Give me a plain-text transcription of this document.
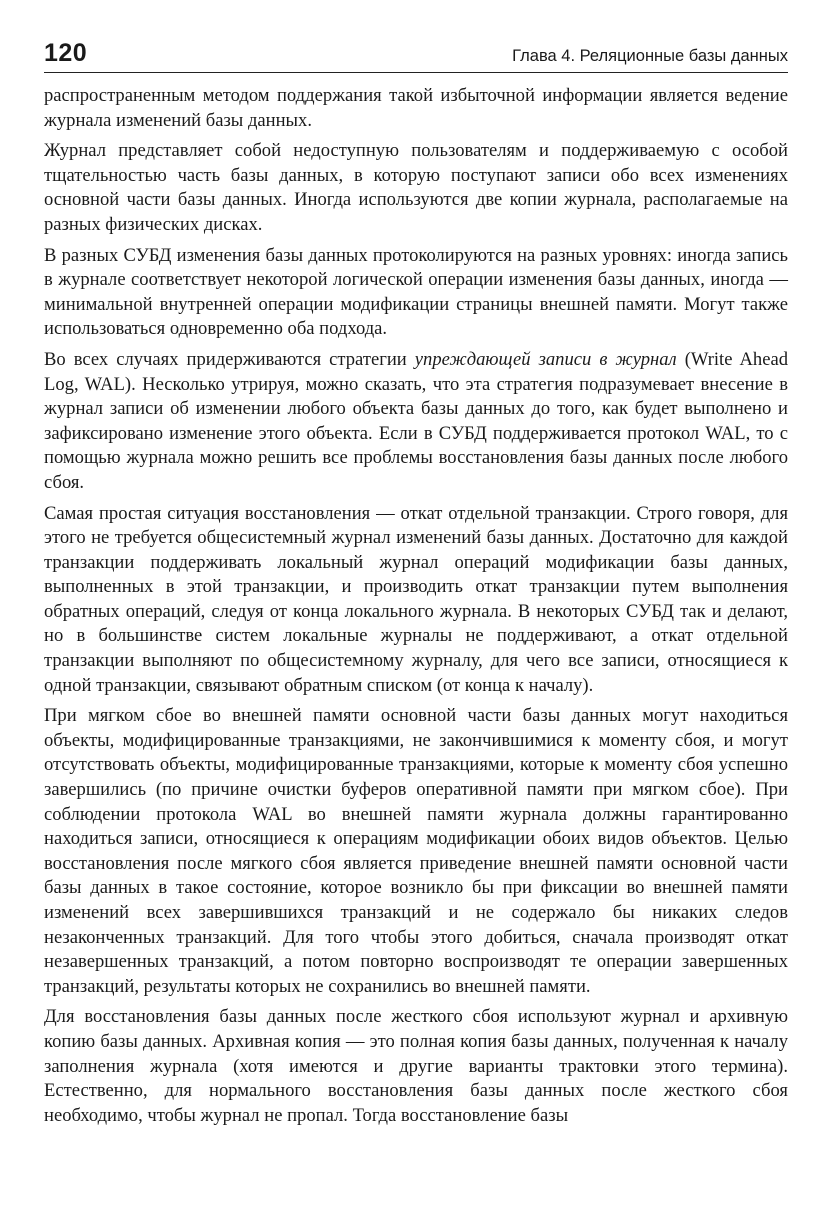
120	Глава 4. Реляционные базы данных

распространенным методом поддержания такой избыточной информации является ведение журнала изменений базы данных.

Журнал представляет собой недоступную пользователям и поддерживаемую с особой тщательностью часть базы данных, в которую поступают записи обо всех изменениях основной части базы данных. Иногда используются две копии журнала, располагаемые на разных физических дисках.

В разных СУБД изменения базы данных протоколируются на разных уровнях: иногда запись в журнале соответствует некоторой логической операции изменения базы данных, иногда — минимальной внутренней операции модификации страницы внешней памяти. Могут также использоваться одновременно оба подхода.

Во всех случаях придерживаются стратегии упреждающей записи в журнал (Write Ahead Log, WAL). Несколько утрируя, можно сказать, что эта стратегия подразумевает внесение в журнал записи об изменении любого объекта базы данных до того, как будет выполнено и зафиксировано изменение этого объекта. Если в СУБД поддерживается протокол WAL, то с помощью журнала можно решить все проблемы восстановления базы данных после любого сбоя.

Самая простая ситуация восстановления — откат отдельной транзакции. Строго говоря, для этого не требуется общесистемный журнал изменений базы данных. Достаточно для каждой транзакции поддерживать локальный журнал операций модификации базы данных, выполненных в этой транзакции, и производить откат транзакции путем выполнения обратных операций, следуя от конца локального журнала. В некоторых СУБД так и делают, но в большинстве систем локальные журналы не поддерживают, а откат отдельной транзакции выполняют по общесистемному журналу, для чего все записи, относящиеся к одной транзакции, связывают обратным списком (от конца к началу).

При мягком сбое во внешней памяти основной части базы данных могут находиться объекты, модифицированные транзакциями, не закончившимися к моменту сбоя, и могут отсутствовать объекты, модифицированные транзакциями, которые к моменту сбоя успешно завершились (по причине очистки буферов оперативной памяти при мягком сбое). При соблюдении протокола WAL во внешней памяти журнала должны гарантированно находиться записи, относящиеся к операциям модификации обоих видов объектов. Целью восстановления после мягкого сбоя является приведение внешней памяти основной части базы данных в такое состояние, которое возникло бы при фиксации во внешней памяти изменений всех завершившихся транзакций и не содержало бы никаких следов незаконченных транзакций. Для того чтобы этого добиться, сначала производят откат незавершенных транзакций, а потом повторно воспроизводят те операции завершенных транзакций, результаты которых не сохранились во внешней памяти.

Для восстановления базы данных после жесткого сбоя используют журнал и архивную копию базы данных. Архивная копия — это полная копия базы данных, полученная к началу заполнения журнала (хотя имеются и другие варианты трактовки этого термина). Естественно, для нормального восстановления базы данных после жесткого сбоя необходимо, чтобы журнал не пропал. Тогда восстановление базы
